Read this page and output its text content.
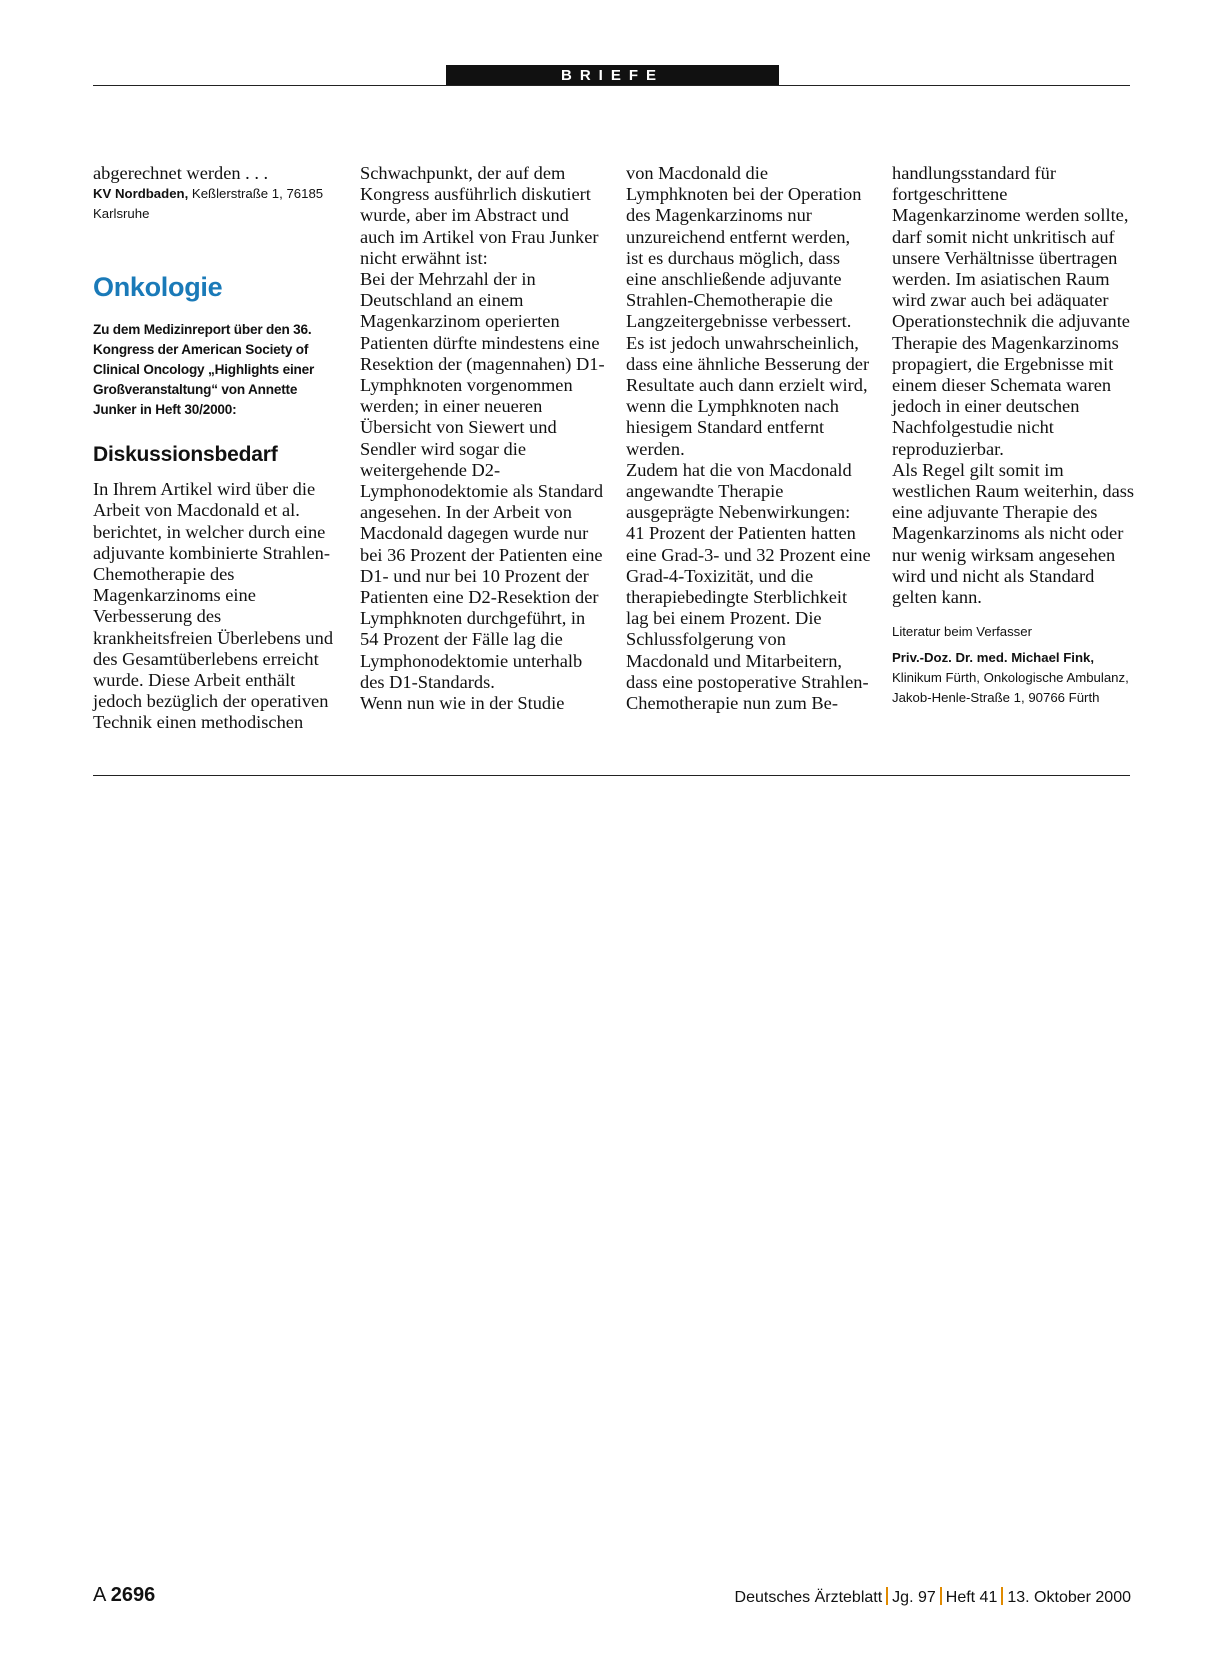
BRIEFE

abgerechnet werden . . .

KV Nordbaden, Keßlerstraße 1, 76185 Karlsruhe
Onkologie
Zu dem Medizinreport über den 36. Kongress der American Society of Clinical Oncology „Highlights einer Großveranstaltung“ von Annette Junker in Heft 30/2000:
Diskussionsbedarf

In Ihrem Artikel wird über die Arbeit von Macdonald et al. berichtet, in welcher durch eine adjuvante kombinierte Strahlen-Chemotherapie des Magenkarzinoms eine Verbesserung des krankheitsfreien Überlebens und des Gesamtüberlebens erreicht wurde. Diese Arbeit enthält jedoch bezüglich der operativen Technik einen methodischen

Schwachpunkt, der auf dem Kongress ausführlich diskutiert wurde, aber im Abstract und auch im Artikel von Frau Junker nicht erwähnt ist:

Bei der Mehrzahl der in Deutschland an einem Magenkarzinom operierten Patienten dürfte mindestens eine Resektion der (magennahen) D1-Lymphknoten vorgenommen werden; in einer neueren Übersicht von Siewert und Sendler wird sogar die weitergehende D2-Lymphonodektomie als Standard angesehen. In der Arbeit von Macdonald dagegen wurde nur bei 36 Prozent der Patienten eine D1- und nur bei 10 Prozent der Patienten eine D2-Resektion der Lymphknoten durchgeführt, in 54 Prozent der Fälle lag die Lymphonodektomie unterhalb des D1-Standards.

Wenn nun wie in der Studie

von Macdonald die Lymphknoten bei der Operation des Magenkarzinoms nur unzureichend entfernt werden, ist es durchaus möglich, dass eine anschließende adjuvante Strahlen-Chemotherapie die Langzeitergebnisse verbessert. Es ist jedoch unwahrscheinlich, dass eine ähnliche Besserung der Resultate auch dann erzielt wird, wenn die Lymphknoten nach hiesigem Standard entfernt werden.

Zudem hat die von Macdonald angewandte Therapie ausgeprägte Nebenwirkungen: 41 Prozent der Patienten hatten eine Grad-3- und 32 Prozent eine Grad-4-Toxizität, und die therapiebedingte Sterblichkeit lag bei einem Prozent. Die Schlussfolgerung von Macdonald und Mitarbeitern, dass eine postoperative Strahlen-Chemotherapie nun zum Be-

handlungsstandard für fortgeschrittene Magenkarzinome werden sollte, darf somit nicht unkritisch auf unsere Verhältnisse übertragen werden. Im asiatischen Raum wird zwar auch bei adäquater Operationstechnik die adjuvante Therapie des Magenkarzinoms propagiert, die Ergebnisse mit einem dieser Schemata waren jedoch in einer deutschen Nachfolgestudie nicht reproduzierbar.

Als Regel gilt somit im westlichen Raum weiterhin, dass eine adjuvante Therapie des Magenkarzinoms als nicht oder nur wenig wirksam angesehen wird und nicht als Standard gelten kann.

Literatur beim Verfasser
Priv.-Doz. Dr. med. Michael Fink, Klinikum Fürth, Onkologische Ambulanz, Jakob-Henle-Straße 1, 90766 Fürth
A 2696	Deutsches Ärzteblatt Jg. 97 Heft 41 13. Oktober 2000
